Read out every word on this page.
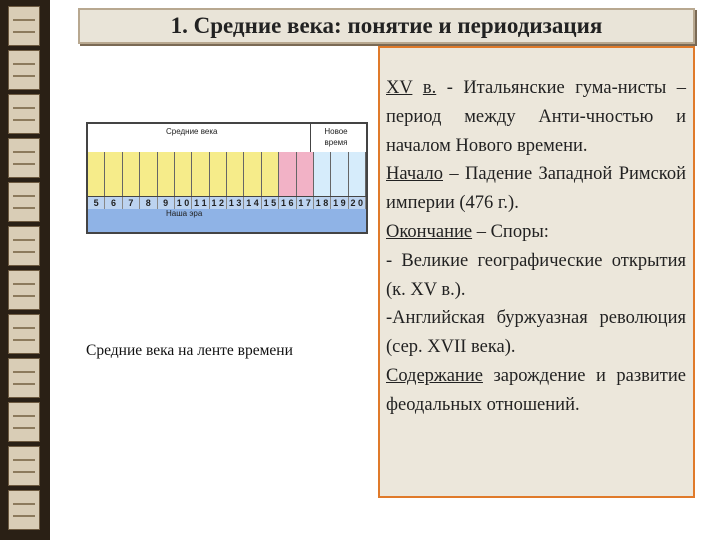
1. Средние века: понятие и периодизация
Средние века	Новое время
5	6	7	8	9 1 0 1 1 1 2 1 3 1 4 1 5 1 6 1 7 1 8 1 9 2 0
Наша эра
Средние века на ленте времени

XV в. - Итальянские гума-нисты – период между Анти-чностью и началом Нового времени.

Начало – Падение Западной Римской империи (476 г.).

Окончание – Споры:

- Великие географические открытия (к. XV в.).

-Английская буржуазная революция (сер. XVII века).

Содержание зарождение и развитие феодальных отношений.
